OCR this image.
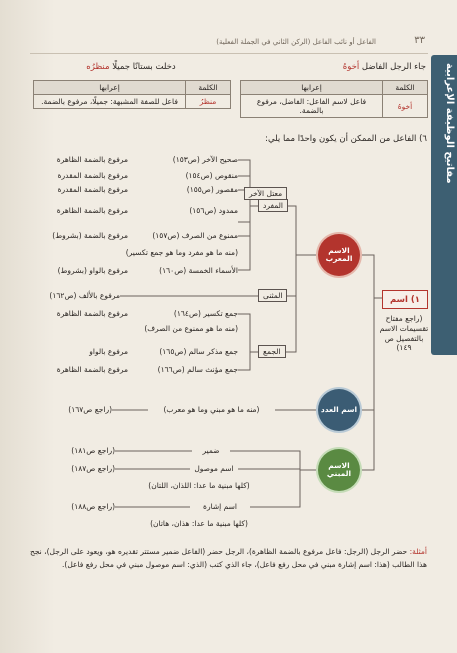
مفاتيح الوظيفة الإعرابية
الفاعل أو نائب الفاعل (الركن الثاني في الجملة الفعلية)	٣٣
جاء الرجل الفاضل أخوهُ
الكلمة	إعرابها
أخوهُ	فاعل لاسم الفاعل: الفاضل، مرفوع بالضمة.
دخلت بستانًا جميلًا منظرُه
الكلمة	إعرابها
منظرُ	فاعل للصفة المشبهة: جميلًا، مرفوع بالضمة.
٦) الفاعل من الممكن أن يكون واحدًا مما يلي:
١) اسم
(راجع مفتاح تقسيمات الاسم بالتفصيل ص ١٤٩)
الاسم المعرب
اسم العدد
الاسم المبني
المفرد
المثنى
الجمع
معتل الآخر
صحيح الآخر (ص١٥٣)
منقوص (ص١٥٤)
مقصور (ص١٥٥)
ممدود (ص١٥٦)
ممنوع من الصرف (ص١٥٧)
(منه ما هو مفرد وما هو جمع تكسير)
الأسماء الخمسة (ص١٦٠)
جمع تكسير (ص١٦٤)
(منه ما هو ممنوع من الصرف)
جمع مذكر سالم (ص١٦٥)
جمع مؤنث سالم (ص١٦٦)
مرفوع بالضمة الظاهرة
مرفوع بالضمة المقدرة
مرفوع بالضمة المقدرة
مرفوع بالضمة الظاهرة
مرفوع بالضمة (بشروط)
مرفوع بالواو (بشروط)
مرفوع بالألف (ص١٦٢)
مرفوع بالضمة الظاهرة
مرفوع بالواو
مرفوع بالضمة الظاهرة
(منه ما هو مبني وما هو معرب)
(راجع ص١٦٧)
ضمير
(راجع ص١٨١)
اسم موصول
(راجع ص١٨٧)
(كلها مبنية ما عدا: اللذان، اللتان)
اسم إشارة
(راجع ص١٨٨)
(كلها مبنية ما عدا: هذان، هاتان)
أمثلة: حضر الرجل (الرجل: فاعل مرفوع بالضمة الظاهرة)، الرجل حضر (الفاعل ضمير مستتر تقديره هو، ويعود على الرجل)، نجح هذا الطالب (هذا: اسم إشارة مبني في محل رفع فاعل)، جاء الذي كتب (الذي: اسم موصول مبني في محل رفع فاعل).
